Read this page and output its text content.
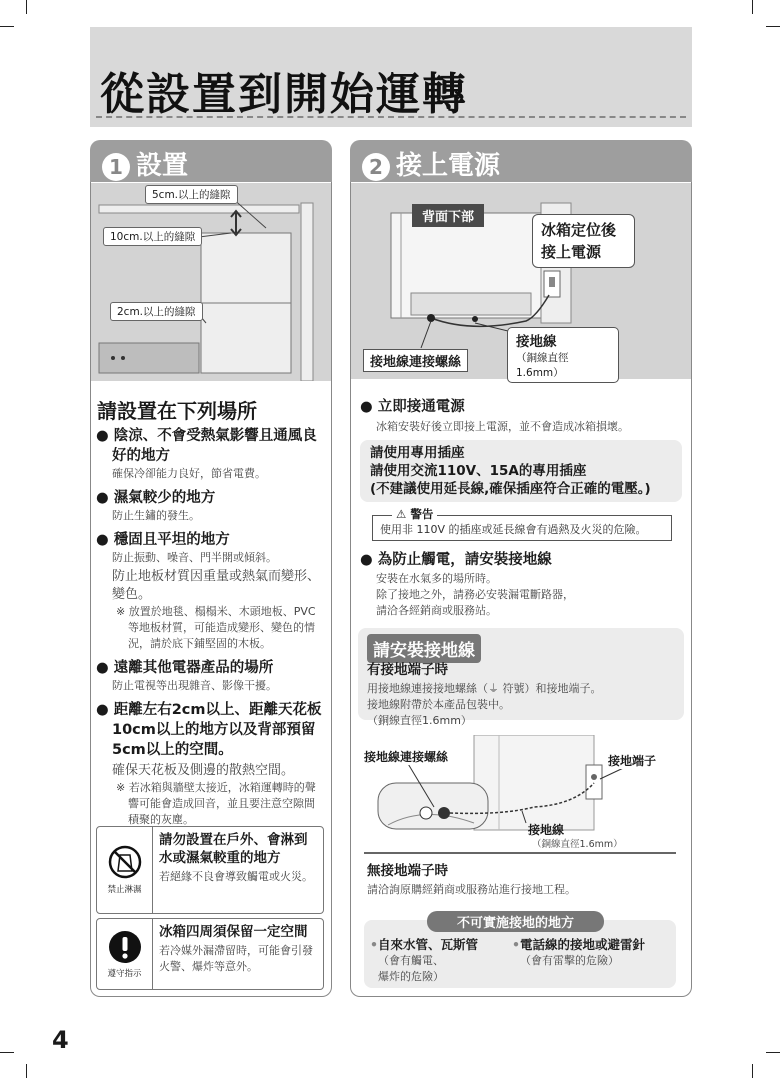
從設置到開始運轉
1 設置
5cm.以上的縫隙
10cm.以上的縫隙
2cm.以上的縫隙
請設置在下列場所
● 陰涼、不會受熱氣影響且通風良好的地方
確保冷卻能力良好，節省電費。
● 濕氣較少的地方
防止生鏽的發生。
● 穩固且平坦的地方
防止振動、噪音、門半開或傾斜。
防止地板材質因重量或熱氣而變形、變色。
※ 放置於地毯、榻榻米、木頭地板、PVC等地板材質，可能造成變形、變色的情況，請於底下鋪堅固的木板。
● 遠離其他電器產品的場所
防止電視等出現雜音、影像干擾。
● 距離左右2cm以上、距離天花板10cm以上的地方以及背部預留5cm以上的空間。
確保天花板及側邊的散熱空間。
※ 若冰箱與牆壁太接近，冰箱運轉時的聲響可能會造成回音，並且要注意空隙間積聚的灰塵。
禁止淋濕
請勿設置在戶外、會淋到水或濕氣較重的地方
若絕緣不良會導致觸電或火災。
遵守指示
冰箱四周須保留一定空間
若冷媒外漏滯留時，可能會引發火警、爆炸等意外。
2 接上電源
背面下部
冰箱定位後接上電源
接地線連接螺絲
接地線
（銅線直徑1.6mm）
● 立即接通電源
冰箱安裝好後立即接上電源，並不會造成冰箱損壞。
請使用專用插座
請使用交流110V、15A的專用插座
(不建議使用延長線,確保插座符合正確的電壓。)
⚠ 警告
使用非 110V 的插座或延長線會有過熱及火災的危險。
● 為防止觸電，請安裝接地線
安裝在水氣多的場所時。
除了接地之外，請務必安裝漏電斷路器，
請洽各經銷商或服務站。
請安裝接地線
有接地端子時
用接地線連接接地螺絲（⏚ 符號）和接地端子。
接地線附帶於本產品包裝中。
（銅線直徑1.6mm）
接地線連接螺絲	接地端子
接地線
（銅線直徑1.6mm）
無接地端子時
請洽詢原購經銷商或服務站進行接地工程。
不可實施接地的地方
•自來水管、瓦斯管
（會有觸電、
爆炸的危險）
•電話線的接地或避雷針
（會有雷擊的危險）
4
